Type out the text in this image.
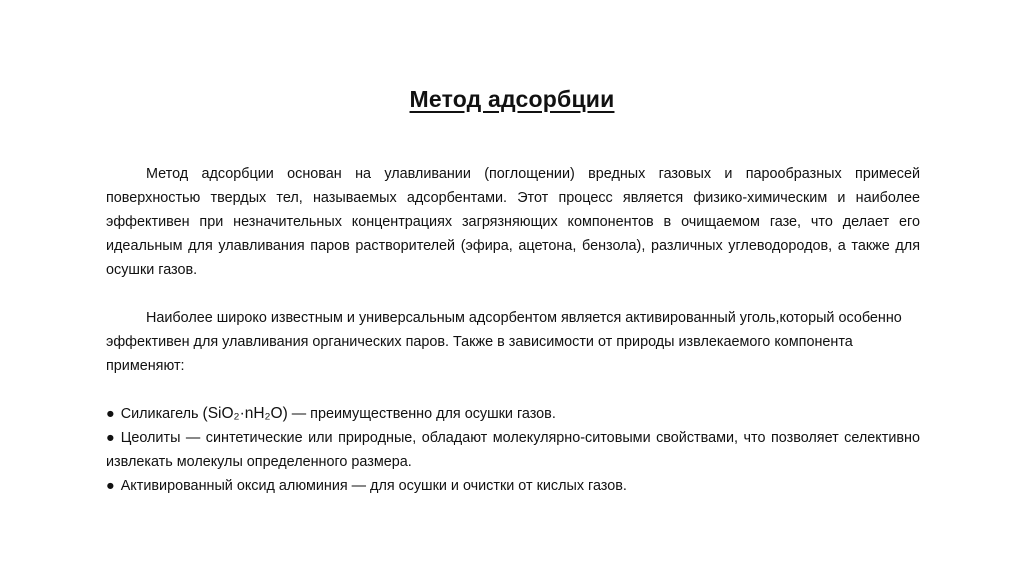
Метод адсорбции

Метод адсорбции основан на улавливании (поглощении) вредных газовых и парообразных примесей поверхностью твердых тел, называемых адсорбентами. Этот процесс является физико-химическим и наиболее эффективен при незначительных концентрациях загрязняющих компонентов в очищаемом газе, что делает его идеальным для улавливания паров растворителей (эфира, ацетона, бензола), различных углеводородов, а также для осушки газов.

Наиболее широко известным и универсальным адсорбентом является активированный уголь,который особенно эффективен для улавливания органических паров. Также в зависимости от природы извлекаемого компонента применяют:

● Силикагель (SiO₂·nH₂O) — преимущественно для осушки газов.

● Цеолиты — синтетические или природные, обладают молекулярно-ситовыми свойствами, что позволяет селективно извлекать молекулы определенного размера.

● Активированный оксид алюминия — для осушки и очистки от кислых газов.
